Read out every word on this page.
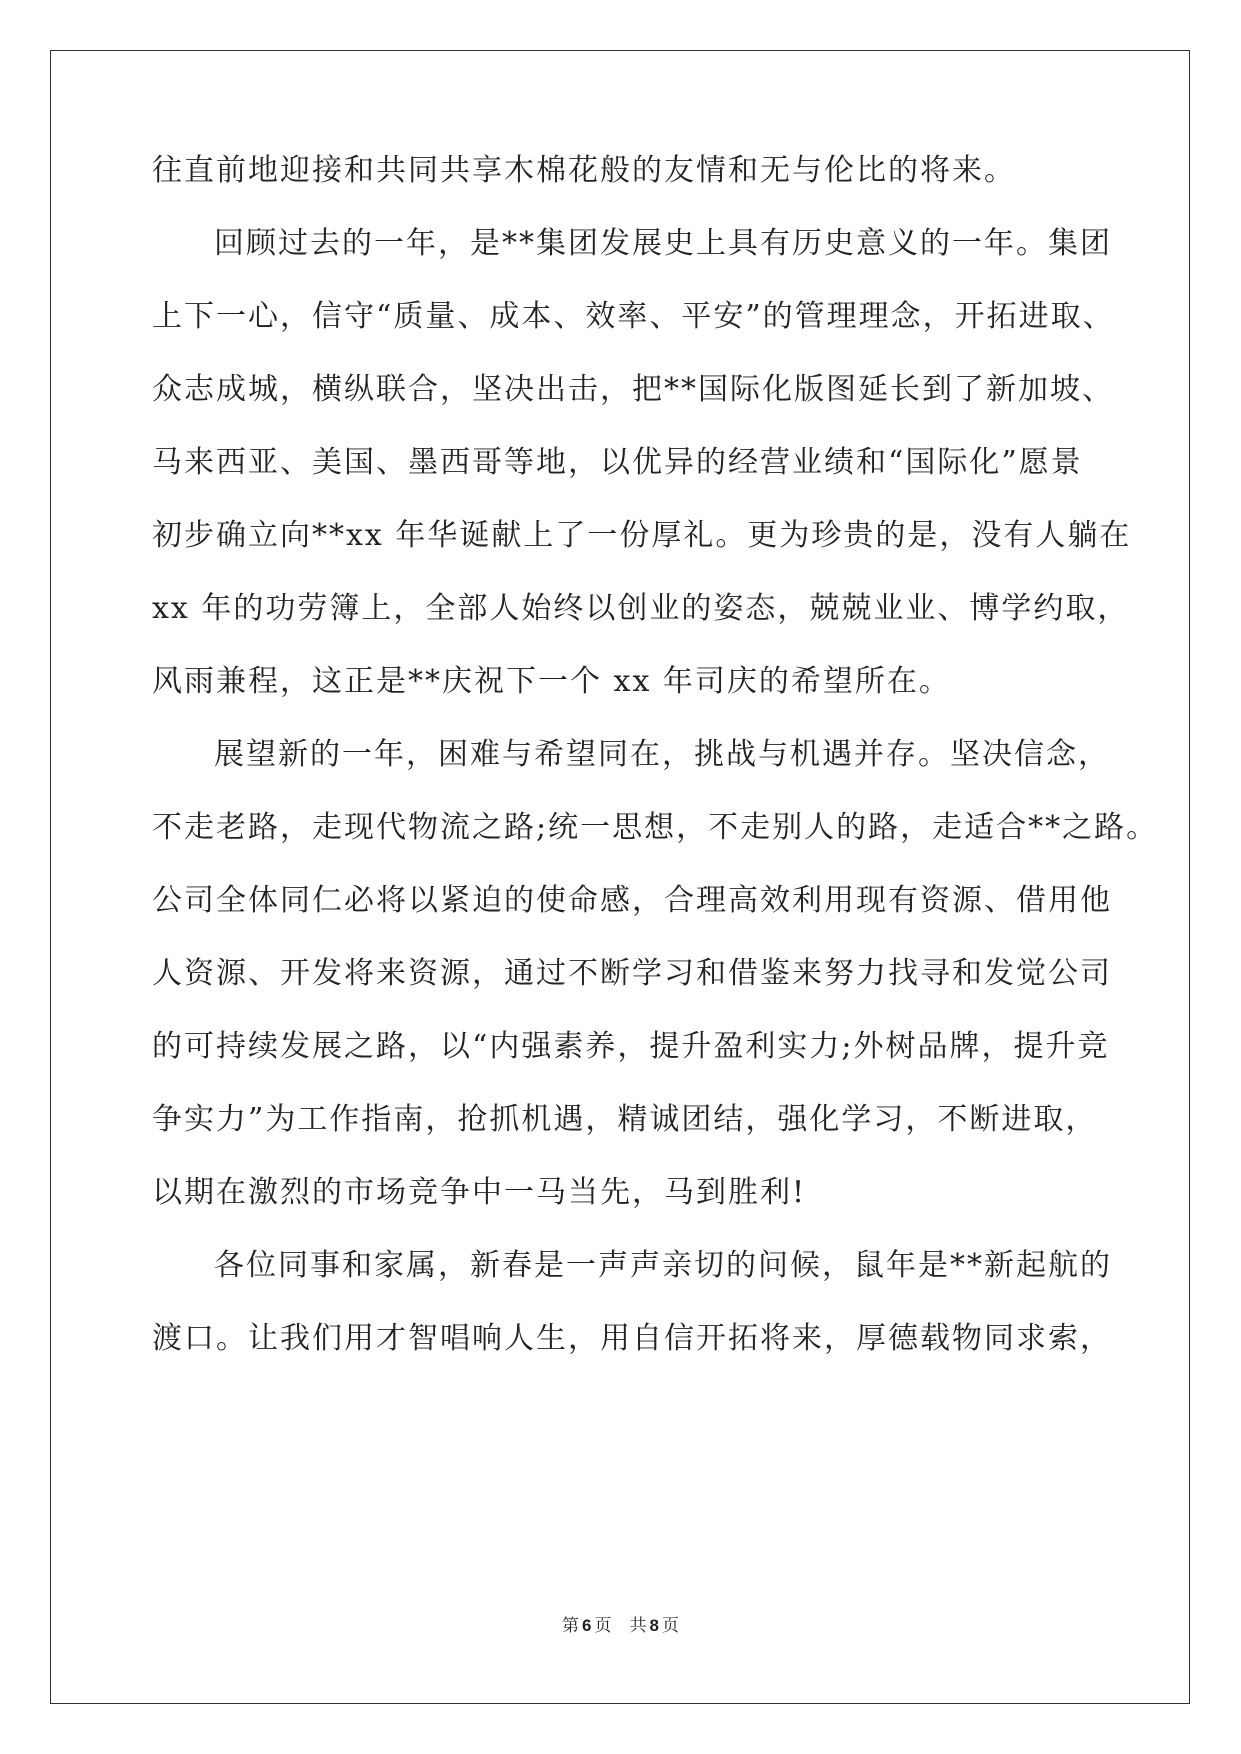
往直前地迎接和共同共享木棉花般的友情和无与伦比的将来。
回顾过去的一年，是**集团发展史上具有历史意义的一年。集团
上下一心，信守“质量、成本、效率、平安”的管理理念，开拓进取、
众志成城，横纵联合，坚决出击，把**国际化版图延长到了新加坡、
马来西亚、美国、墨西哥等地，以优异的经营业绩和“国际化”愿景
初步确立向**xx 年华诞献上了一份厚礼。更为珍贵的是，没有人躺在
xx 年的功劳簿上，全部人始终以创业的姿态，兢兢业业、博学约取，
风雨兼程，这正是**庆祝下一个 xx 年司庆的希望所在。
展望新的一年，困难与希望同在，挑战与机遇并存。坚决信念，
不走老路，走现代物流之路;统一思想，不走别人的路，走适合**之路。
公司全体同仁必将以紧迫的使命感，合理高效利用现有资源、借用他
人资源、开发将来资源，通过不断学习和借鉴来努力找寻和发觉公司
的可持续发展之路，以“内强素养，提升盈利实力;外树品牌，提升竞
争实力”为工作指南，抢抓机遇，精诚团结，强化学习，不断进取，
以期在激烈的市场竞争中一马当先，马到胜利!
各位同事和家属，新春是一声声亲切的问候，鼠年是**新起航的
渡口。让我们用才智唱响人生，用自信开拓将来，厚德载物同求索，
第 6 页 共 8 页
